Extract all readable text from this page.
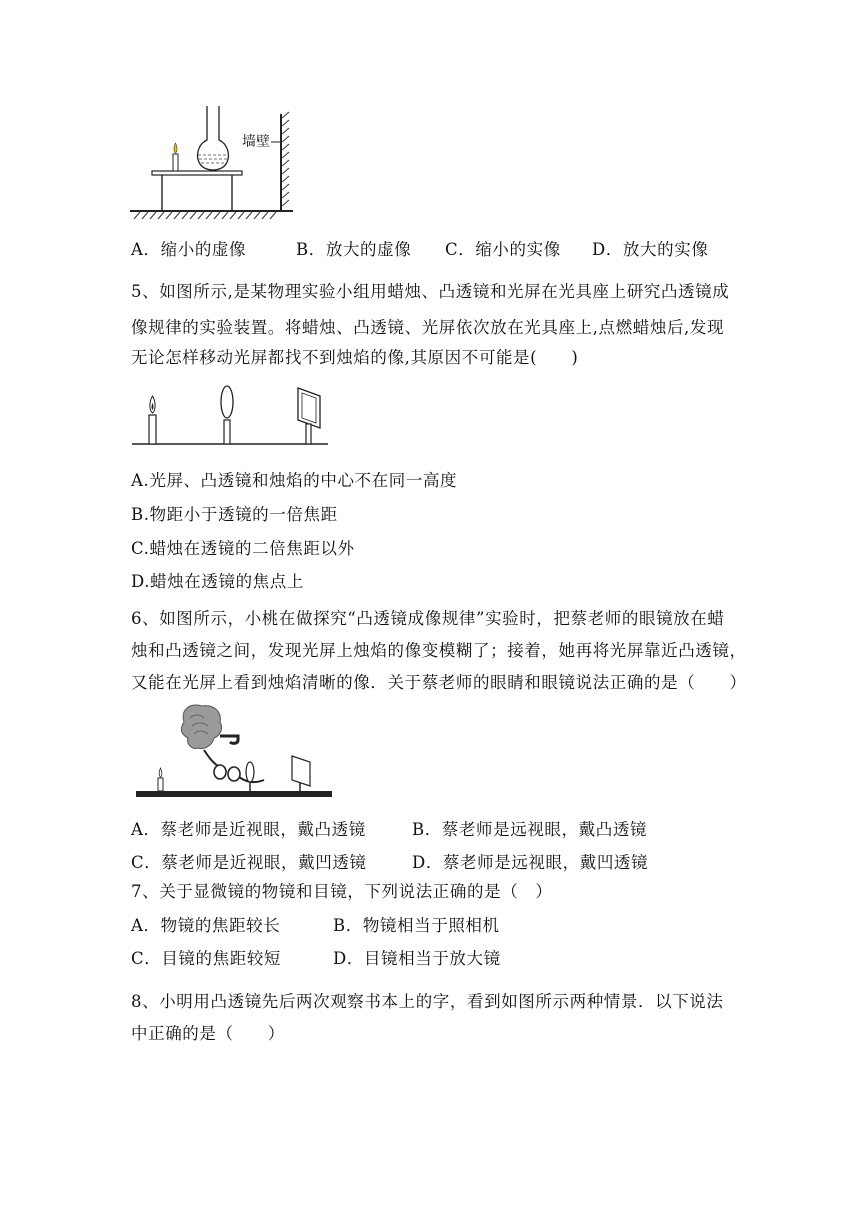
墙壁
A．缩小的虚像	B．放大的虚像 C．缩小的实像 D．放大的实像
5、如图所示,是某物理实验小组用蜡烛、凸透镜和光屏在光具座上研究凸透镜成
像规律的实验装置。将蜡烛、凸透镜、光屏依次放在光具座上,点燃蜡烛后,发现
无论怎样移动光屏都找不到烛焰的像,其原因不可能是(　　)
A.光屏、凸透镜和烛焰的中心不在同一高度
B.物距小于透镜的一倍焦距
C.蜡烛在透镜的二倍焦距以外
D.蜡烛在透镜的焦点上
6、如图所示，小桃在做探究“凸透镜成像规律”实验时，把蔡老师的眼镜放在蜡
烛和凸透镜之间，发现光屏上烛焰的像变模糊了；接着，她再将光屏靠近凸透镜，
又能在光屏上看到烛焰清晰的像．关于蔡老师的眼睛和眼镜说法正确的是（　　）
A．蔡老师是近视眼，戴凸透镜	B．蔡老师是远视眼，戴凸透镜
C．蔡老师是近视眼，戴凹透镜	D．蔡老师是远视眼，戴凹透镜
7、关于显微镜的物镜和目镜，下列说法正确的是（　）
A．物镜的焦距较长	B．物镜相当于照相机
C．目镜的焦距较短	D．目镜相当于放大镜
8、小明用凸透镜先后两次观察书本上的字，看到如图所示两种情景．以下说法
中正确的是（　　）
